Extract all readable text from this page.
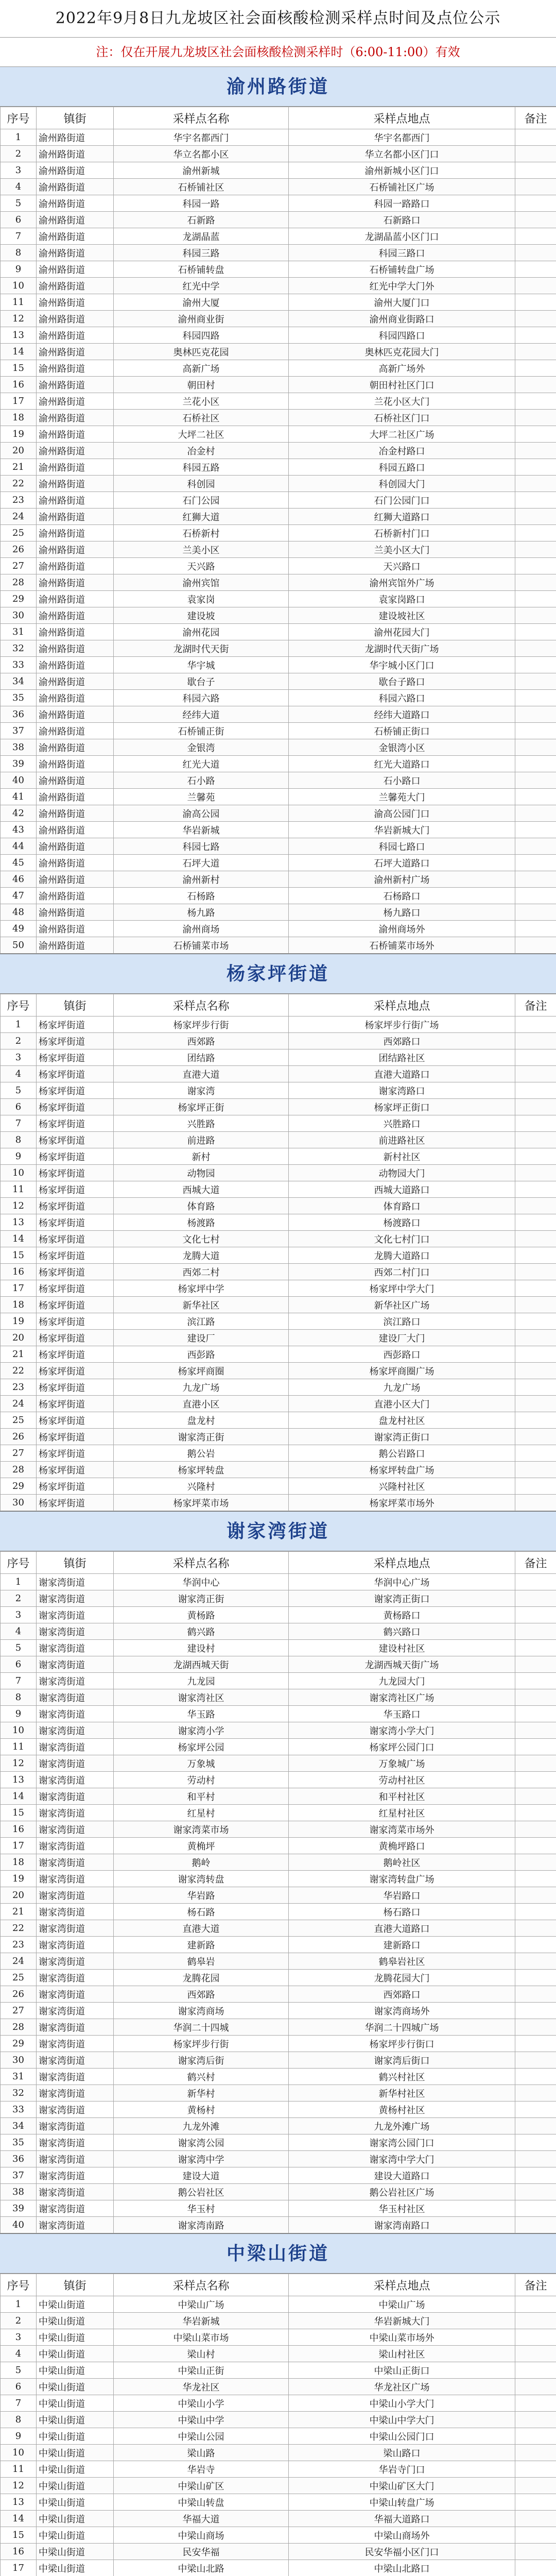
2022年9月8日九龙坡区社会面核酸检测采样点时间及点位公示

注：仅在开展九龙坡区社会面核酸检测采样时（6:00-11:00）有效

渝州路街道
序号	镇街	采样点名称	采样点地点	备注
1	渝州路街道	华宇名都西门	华宇名都西门	
2	渝州路街道	华立名都小区	华立名都小区门口	
3	渝州路街道	渝州新城	渝州新城小区门口	
4	渝州路街道	石桥铺社区	石桥铺社区广场	
5	渝州路街道	科园一路	科园一路路口	
6	渝州路街道	石新路	石新路口	
7	渝州路街道	龙湖晶蓝	龙湖晶蓝小区门口	
8	渝州路街道	科园三路	科园三路口	
9	渝州路街道	石桥铺转盘	石桥铺转盘广场	
10	渝州路街道	红光中学	红光中学大门外	
11	渝州路街道	渝州大厦	渝州大厦门口	
12	渝州路街道	渝州商业街	渝州商业街路口	
13	渝州路街道	科园四路	科园四路口	
14	渝州路街道	奥林匹克花园	奥林匹克花园大门	
15	渝州路街道	高新广场	高新广场外	
16	渝州路街道	朝田村	朝田村社区门口	
17	渝州路街道	兰花小区	兰花小区大门	
18	渝州路街道	石桥社区	石桥社区门口	
19	渝州路街道	大坪二社区	大坪二社区广场	
20	渝州路街道	冶金村	冶金村路口	
21	渝州路街道	科园五路	科园五路口	
22	渝州路街道	科创园	科创园大门	
23	渝州路街道	石门公园	石门公园门口	
24	渝州路街道	红狮大道	红狮大道路口	
25	渝州路街道	石桥新村	石桥新村门口	
26	渝州路街道	兰美小区	兰美小区大门	
27	渝州路街道	天兴路	天兴路口	
28	渝州路街道	渝州宾馆	渝州宾馆外广场	
29	渝州路街道	袁家岗	袁家岗路口	
30	渝州路街道	建设坡	建设坡社区	
31	渝州路街道	渝州花园	渝州花园大门	
32	渝州路街道	龙湖时代天街	龙湖时代天街广场	
33	渝州路街道	华宇城	华宇城小区门口	
34	渝州路街道	歇台子	歇台子路口	
35	渝州路街道	科园六路	科园六路口	
36	渝州路街道	经纬大道	经纬大道路口	
37	渝州路街道	石桥铺正街	石桥铺正街口	
38	渝州路街道	金银湾	金银湾小区	
39	渝州路街道	红光大道	红光大道路口	
40	渝州路街道	石小路	石小路口	
41	渝州路街道	兰馨苑	兰馨苑大门	
42	渝州路街道	渝高公园	渝高公园门口	
43	渝州路街道	华岩新城	华岩新城大门	
44	渝州路街道	科园七路	科园七路口	
45	渝州路街道	石坪大道	石坪大道路口	
46	渝州路街道	渝州新村	渝州新村广场	
47	渝州路街道	石杨路	石杨路口	
48	渝州路街道	杨九路	杨九路口	
49	渝州路街道	渝州商场	渝州商场外	
50	渝州路街道	石桥铺菜市场	石桥铺菜市场外	
杨家坪街道
序号	镇街	采样点名称	采样点地点	备注
1	杨家坪街道	杨家坪步行街	杨家坪步行街广场	
2	杨家坪街道	西郊路	西郊路口	
3	杨家坪街道	团结路	团结路社区	
4	杨家坪街道	直港大道	直港大道路口	
5	杨家坪街道	谢家湾	谢家湾路口	
6	杨家坪街道	杨家坪正街	杨家坪正街口	
7	杨家坪街道	兴胜路	兴胜路口	
8	杨家坪街道	前进路	前进路社区	
9	杨家坪街道	新村	新村社区	
10	杨家坪街道	动物园	动物园大门	
11	杨家坪街道	西城大道	西城大道路口	
12	杨家坪街道	体育路	体育路口	
13	杨家坪街道	杨渡路	杨渡路口	
14	杨家坪街道	文化七村	文化七村门口	
15	杨家坪街道	龙腾大道	龙腾大道路口	
16	杨家坪街道	西郊二村	西郊二村门口	
17	杨家坪街道	杨家坪中学	杨家坪中学大门	
18	杨家坪街道	新华社区	新华社区广场	
19	杨家坪街道	滨江路	滨江路口	
20	杨家坪街道	建设厂	建设厂大门	
21	杨家坪街道	西彭路	西彭路口	
22	杨家坪街道	杨家坪商圈	杨家坪商圈广场	
23	杨家坪街道	九龙广场	九龙广场	
24	杨家坪街道	直港小区	直港小区大门	
25	杨家坪街道	盘龙村	盘龙村社区	
26	杨家坪街道	谢家湾正街	谢家湾正街口	
27	杨家坪街道	鹅公岩	鹅公岩路口	
28	杨家坪街道	杨家坪转盘	杨家坪转盘广场	
29	杨家坪街道	兴隆村	兴隆村社区	
30	杨家坪街道	杨家坪菜市场	杨家坪菜市场外	
谢家湾街道
序号	镇街	采样点名称	采样点地点	备注
1	谢家湾街道	华润中心	华润中心广场	
2	谢家湾街道	谢家湾正街	谢家湾正街口	
3	谢家湾街道	黄杨路	黄杨路口	
4	谢家湾街道	鹤兴路	鹤兴路口	
5	谢家湾街道	建设村	建设村社区	
6	谢家湾街道	龙湖西城天街	龙湖西城天街广场	
7	谢家湾街道	九龙园	九龙园大门	
8	谢家湾街道	谢家湾社区	谢家湾社区广场	
9	谢家湾街道	华玉路	华玉路口	
10	谢家湾街道	谢家湾小学	谢家湾小学大门	
11	谢家湾街道	杨家坪公园	杨家坪公园门口	
12	谢家湾街道	万象城	万象城广场	
13	谢家湾街道	劳动村	劳动村社区	
14	谢家湾街道	和平村	和平村社区	
15	谢家湾街道	红星村	红星村社区	
16	谢家湾街道	谢家湾菜市场	谢家湾菜市场外	
17	谢家湾街道	黄桷坪	黄桷坪路口	
18	谢家湾街道	鹅岭	鹅岭社区	
19	谢家湾街道	谢家湾转盘	谢家湾转盘广场	
20	谢家湾街道	华岩路	华岩路口	
21	谢家湾街道	杨石路	杨石路口	
22	谢家湾街道	直港大道	直港大道路口	
23	谢家湾街道	建新路	建新路口	
24	谢家湾街道	鹤皋岩	鹤皋岩社区	
25	谢家湾街道	龙腾花园	龙腾花园大门	
26	谢家湾街道	西郊路	西郊路口	
27	谢家湾街道	谢家湾商场	谢家湾商场外	
28	谢家湾街道	华润二十四城	华润二十四城广场	
29	谢家湾街道	杨家坪步行街	杨家坪步行街口	
30	谢家湾街道	谢家湾后街	谢家湾后街口	
31	谢家湾街道	鹤兴村	鹤兴村社区	
32	谢家湾街道	新华村	新华村社区	
33	谢家湾街道	黄杨村	黄杨村社区	
34	谢家湾街道	九龙外滩	九龙外滩广场	
35	谢家湾街道	谢家湾公园	谢家湾公园门口	
36	谢家湾街道	谢家湾中学	谢家湾中学大门	
37	谢家湾街道	建设大道	建设大道路口	
38	谢家湾街道	鹅公岩社区	鹅公岩社区广场	
39	谢家湾街道	华玉村	华玉村社区	
40	谢家湾街道	谢家湾南路	谢家湾南路口	
中梁山街道
序号	镇街	采样点名称	采样点地点	备注
1	中梁山街道	中梁山广场	中梁山广场	
2	中梁山街道	华岩新城	华岩新城大门	
3	中梁山街道	中梁山菜市场	中梁山菜市场外	
4	中梁山街道	梁山村	梁山村社区	
5	中梁山街道	中梁山正街	中梁山正街口	
6	中梁山街道	华龙社区	华龙社区广场	
7	中梁山街道	中梁山小学	中梁山小学大门	
8	中梁山街道	中梁山中学	中梁山中学大门	
9	中梁山街道	中梁山公园	中梁山公园门口	
10	中梁山街道	梁山路	梁山路口	
11	中梁山街道	华岩寺	华岩寺门口	
12	中梁山街道	中梁山矿区	中梁山矿区大门	
13	中梁山街道	中梁山转盘	中梁山转盘广场	
14	中梁山街道	华福大道	华福大道路口	
15	中梁山街道	中梁山商场	中梁山商场外	
16	中梁山街道	民安华福	民安华福小区门口	
17	中梁山街道	中梁山北路	中梁山北路口	
